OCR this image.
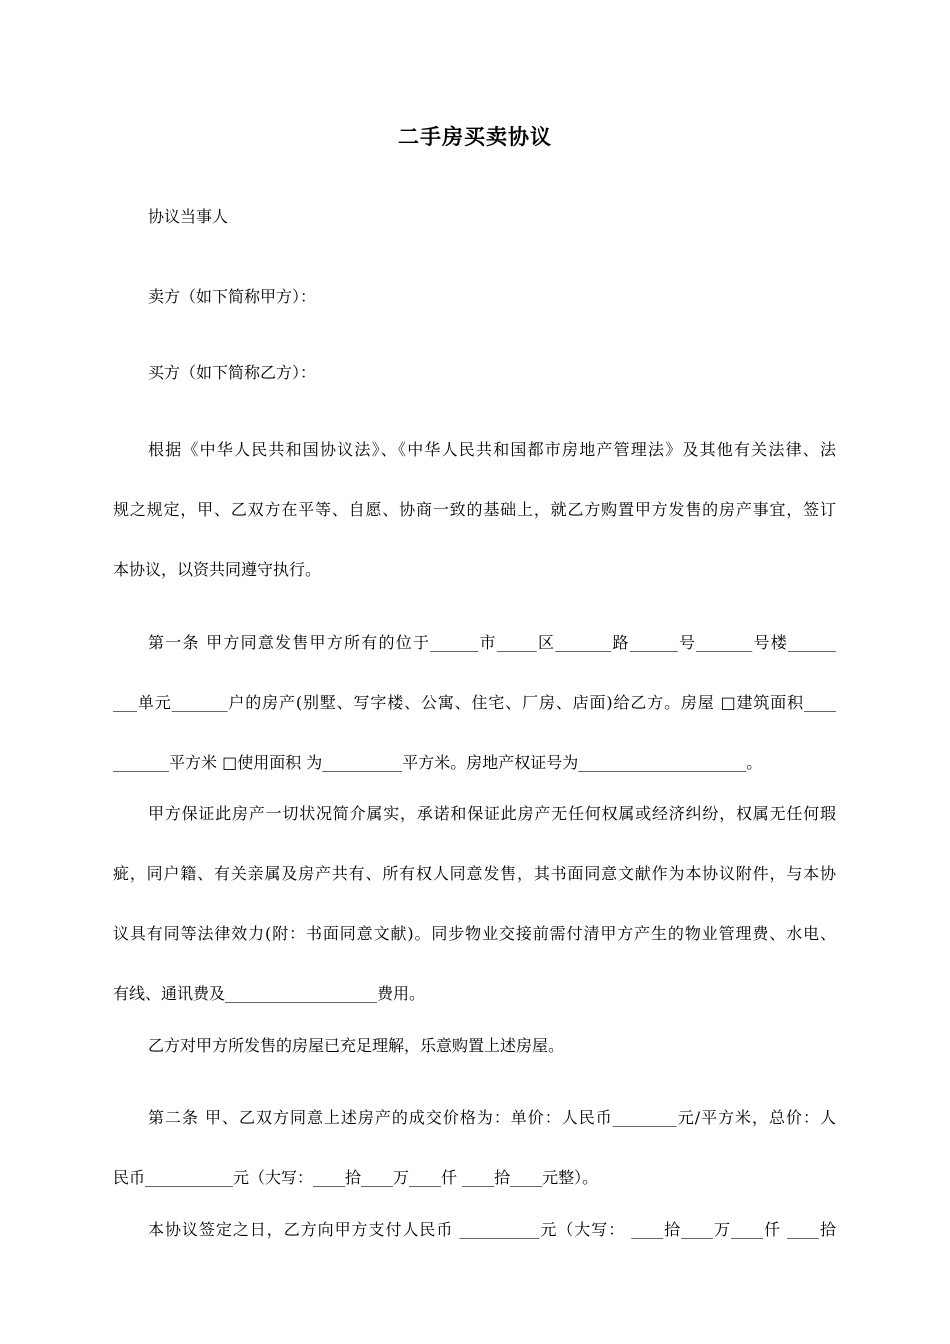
二手房买卖协议
协议当事人
卖方（如下简称甲方）：
买方（如下简称乙方）：
根据《中华人民共和国协议法》、《中华人民共和国都市房地产管理法》及其他有关法律、法
规之规定，甲、乙双方在平等、自愿、协商一致的基础上，就乙方购置甲方发售的房产事宜，签订
本协议，以资共同遵守执行。
第一条 甲方同意发售甲方所有的位于______市_____区_______路______号_______号楼______
___单元_______户的房产(别墅、写字楼、公寓、住宅、厂房、店面)给乙方。房屋 □建筑面积____
_______平方米 □使用面积 为__________平方米。房地产权证号为_____________________。
甲方保证此房产一切状况简介属实，承诺和保证此房产无任何权属或经济纠纷，权属无任何瑕
疵，同户籍、有关亲属及房产共有、所有权人同意发售，其书面同意文献作为本协议附件，与本协
议具有同等法律效力(附：书面同意文献)。同步物业交接前需付清甲方产生的物业管理费、水电、
有线、通讯费及___________________费用。
乙方对甲方所发售的房屋已充足理解，乐意购置上述房屋。
第二条 甲、乙双方同意上述房产的成交价格为：单价：人民币________元/平方米，总价：人
民币___________元（大写：____拾____万____仟 ____拾____元整）。
本协议签定之日，乙方向甲方支付人民币 __________元（大写： ____拾____万____仟 ____拾
